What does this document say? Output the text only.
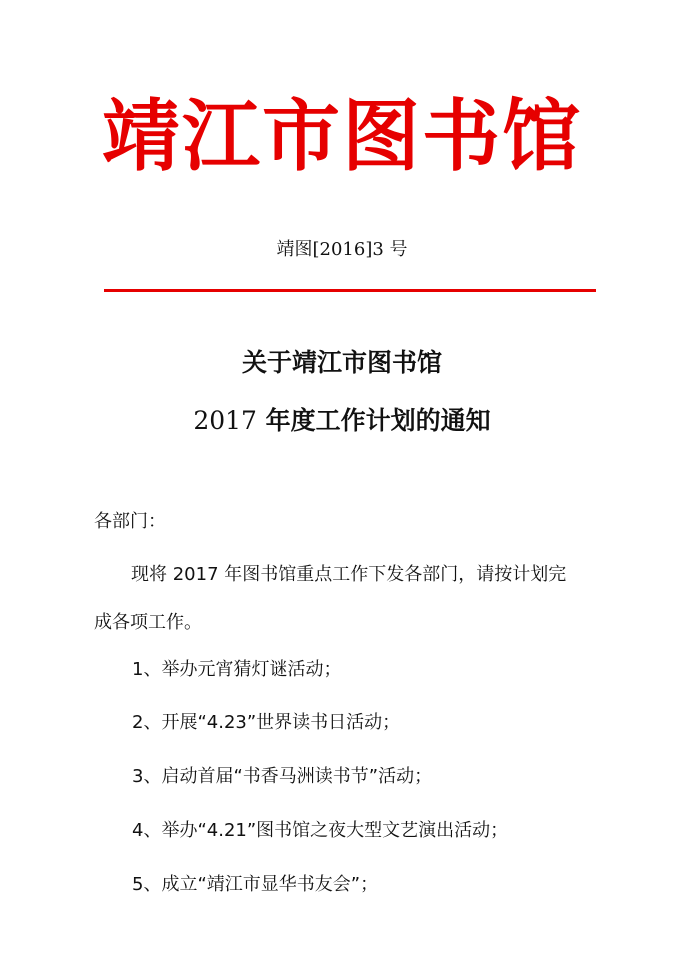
靖江市图书馆
靖图[2016]3 号
关于靖江市图书馆
2017 年度工作计划的通知
各部门：
现将 2017 年图书馆重点工作下发各部门，请按计划完
成各项工作。
1、举办元宵猜灯谜活动；
2、开展“4.23”世界读书日活动；
3、启动首届“书香马洲读书节”活动；
4、举办“4.21”图书馆之夜大型文艺演出活动；
5、成立“靖江市显华书友会”；
